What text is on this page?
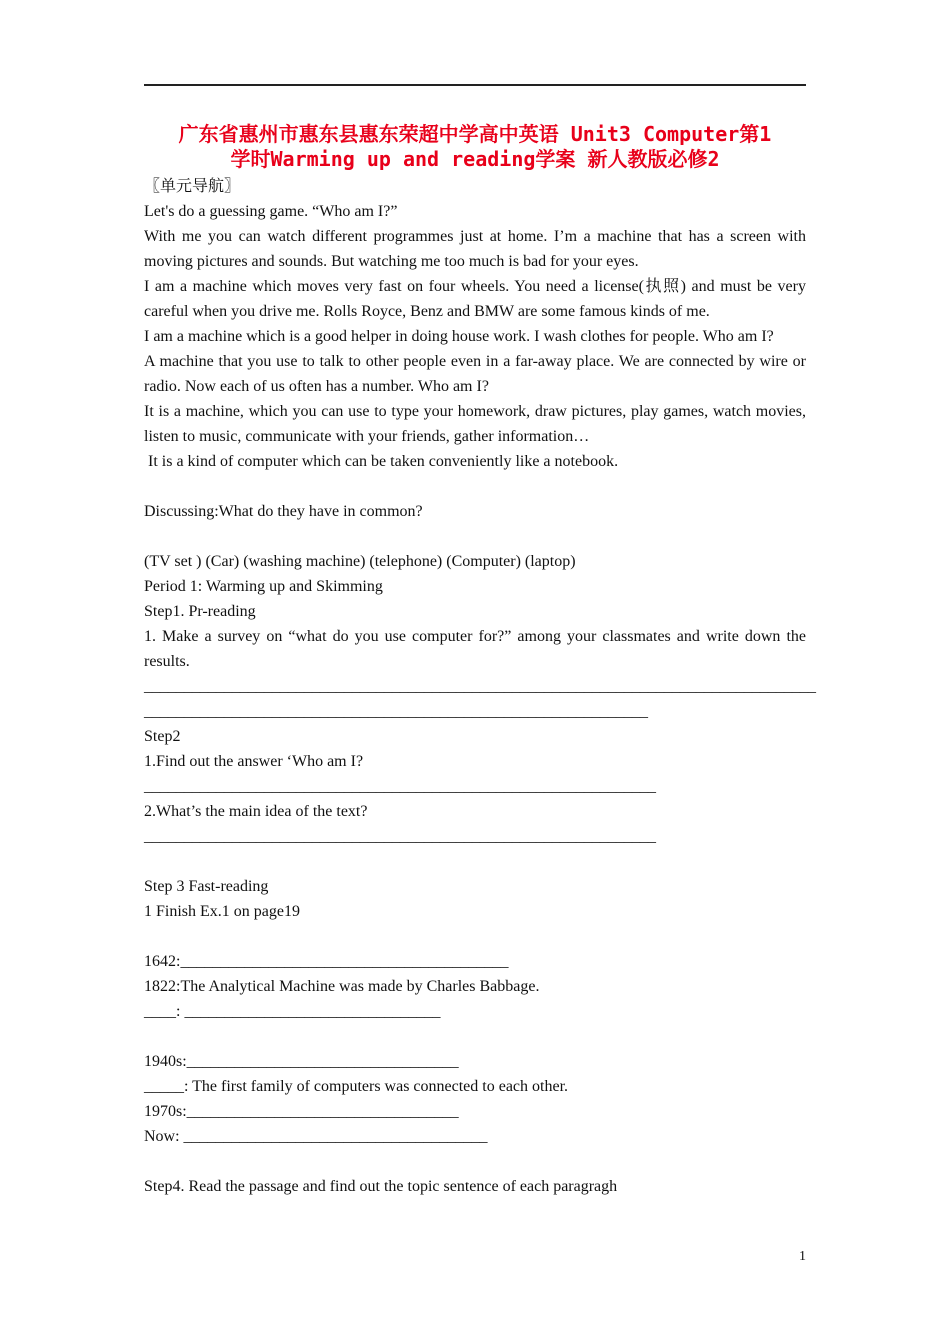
广东省惠州市惠东县惠东荣超中学高中英语 Unit3 Computer第1
学时Warming up and reading学案 新人教版必修2

〖单元导航〗

Let's do a guessing game. “Who am I?”

With me you can watch different programmes just at home. I’m a machine that has a screen with moving pictures and sounds. But watching me too much is bad for your eyes.

I am a machine which moves very fast on four wheels. You need a license(执照) and must be very careful when you drive me. Rolls Royce, Benz and BMW are some famous kinds of me.

I am a machine which is a good helper in doing house work. I wash clothes for people. Who am I?

A machine that you use to talk to other people even in a far-away place. We are connected by wire or radio. Now each of us often has a number. Who am I?

It is a machine, which you can use to type your homework, draw pictures, play games, watch movies, listen to music, communicate with your friends, gather information…

It is a kind of computer which can be taken conveniently like a notebook.

Discussing:What do they have in common?

(TV set ) (Car) (washing machine) (telephone) (Computer) (laptop)

Period 1: Warming up and Skimming

Step1. Pr-reading

1. Make a survey on “what do you use computer for?” among your classmates and write down the results.

____________________________________________________________________________________

_______________________________________________________________

Step2

1.Find out the answer ‘Who am I?

________________________________________________________________

2.What’s the main idea of the text?

________________________________________________________________

Step 3 Fast-reading

1 Finish Ex.1 on page19

1642:_________________________________________

1822:The Analytical Machine was made by Charles Babbage.

____: ________________________________

1940s:__________________________________

_____: The first family of computers was connected to each other.

1970s:__________________________________

Now: ______________________________________

Step4. Read the passage and find out the topic sentence of each paragragh

1
